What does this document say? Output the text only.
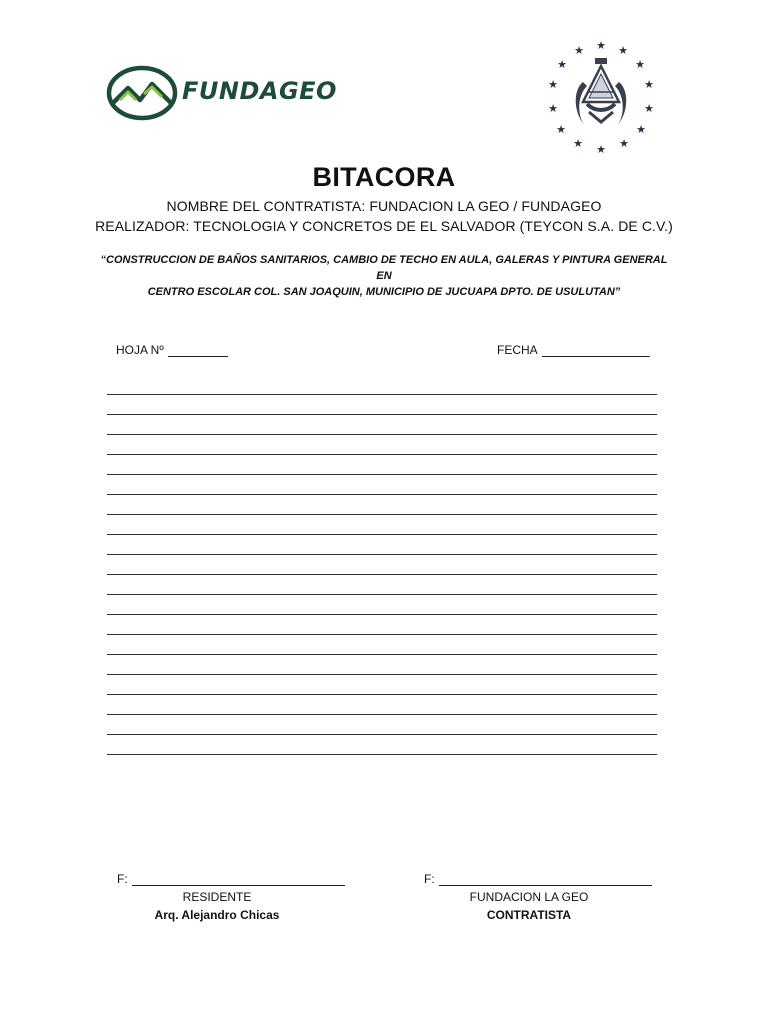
FUNDAGEO
★ ★
★
★
★
★
★
★
★
★
★
★
★
★
BITACORA
NOMBRE DEL CONTRATISTA: FUNDACION LA GEO / FUNDAGEO
REALIZADOR: TECNOLOGIA Y CONCRETOS DE EL SALVADOR (TEYCON S.A. DE C.V.)
“CONSTRUCCION DE BAÑOS SANITARIOS, CAMBIO DE TECHO EN AULA, GALERAS Y PINTURA GENERAL EN
CENTRO ESCOLAR COL. SAN JOAQUIN, MUNICIPIO DE JUCUAPA DPTO. DE USULUTAN”
HOJA Nº	FECHA
F:
RESIDENTE
Arq. Alejandro Chicas
F:
FUNDACION LA GEO
CONTRATISTA
